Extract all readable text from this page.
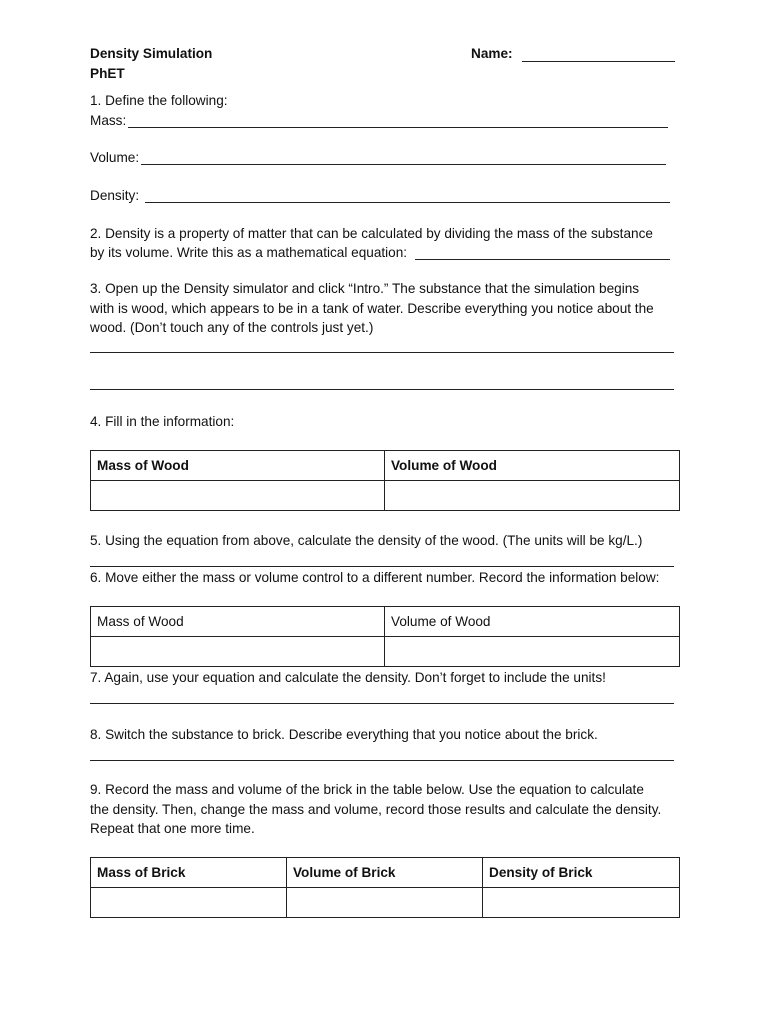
Density Simulation
PhET
Name:
1. Define the following:
Mass:
Volume:
Density:
2. Density is a property of matter that can be calculated by dividing the mass of the substance
by its volume. Write this as a mathematical equation:
3. Open up the Density simulator and click “Intro.” The substance that the simulation begins
with is wood, which appears to be in a tank of water. Describe everything you notice about the
wood. (Don’t touch any of the controls just yet.)
4. Fill in the information:
Mass of Wood	Volume of Wood

5. Using the equation from above, calculate the density of the wood. (The units will be kg/L.)
6. Move either the mass or volume control to a different number. Record the information below:
Mass of Wood	Volume of Wood

7. Again, use your equation and calculate the density. Don’t forget to include the units!
8. Switch the substance to brick. Describe everything that you notice about the brick.
9. Record the mass and volume of the brick in the table below. Use the equation to calculate
the density. Then, change the mass and volume, record those results and calculate the density.
Repeat that one more time.
Mass of Brick	Volume of Brick	Density of Brick
